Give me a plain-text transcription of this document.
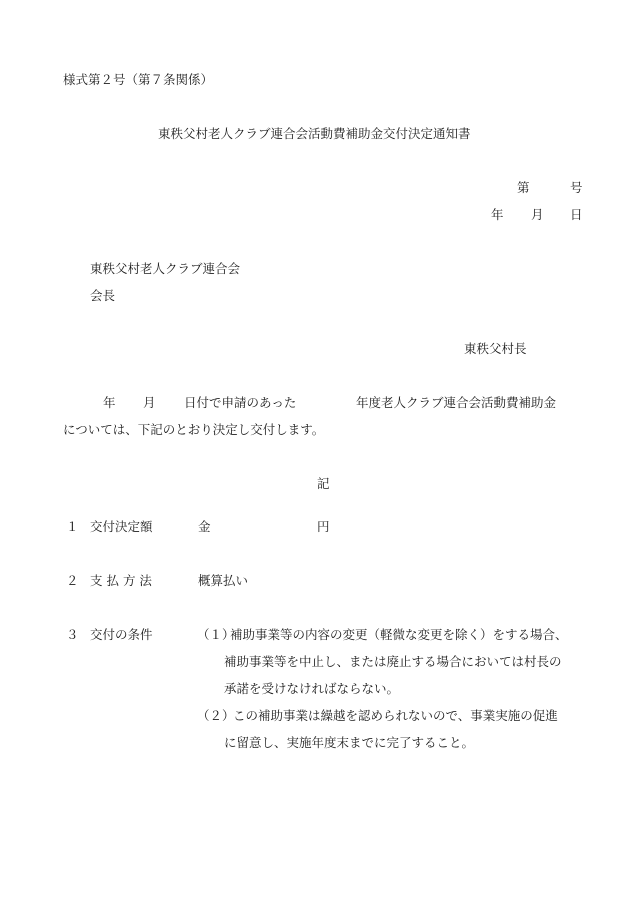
様式第２号（第７条関係）
東秩父村老人クラブ連合会活動費補助金交付決定通知書
第	号
年 月 日
東秩父村老人クラブ連合会
会長
東秩父村長
年 月 日付で申請のあった	年度老人クラブ連合会活動費補助金
については、下記のとおり決定し交付します。
記
１ 交付決定額	金	円
２ 支 払 方 法	概算払い
３ 交付の条件	（１）
補助事業等の内容の変更（軽微な変更を除く）をする場合、
補助事業等を中止し、または廃止する場合においては村長の
承諾を受けなければならない。
（２）
この補助事業は繰越を認められないので、事業実施の促進
に留意し、実施年度末までに完了すること。
